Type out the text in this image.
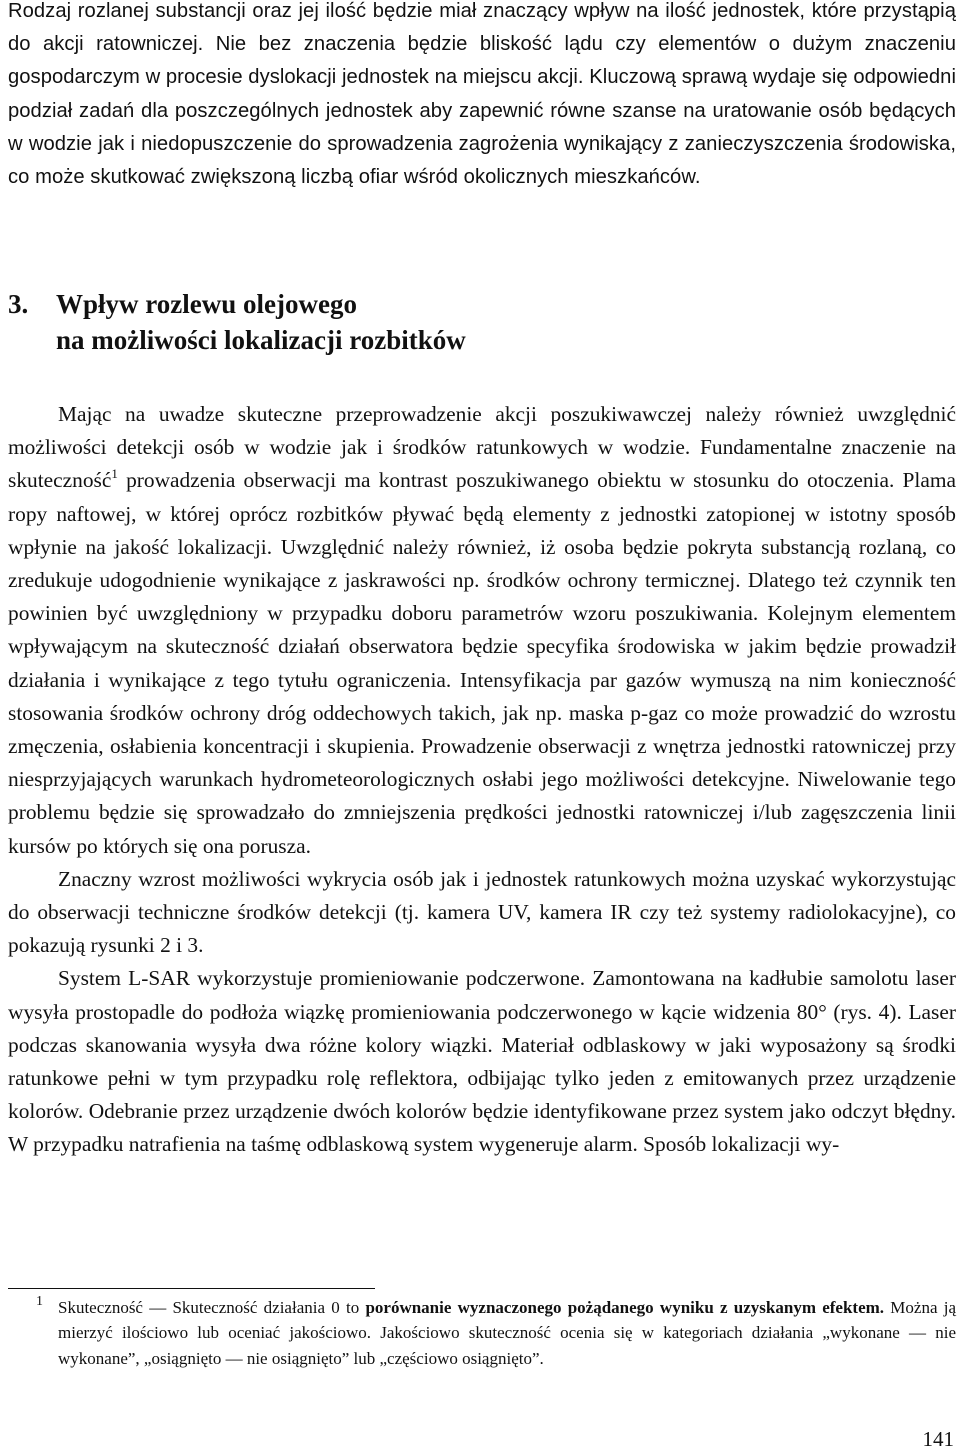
Rodzaj rozlanej substancji oraz jej ilość będzie miał znaczący wpływ na ilość jednostek, które przystąpią do akcji ratowniczej. Nie bez znaczenia będzie bliskość lądu czy elementów o dużym znaczeniu gospodarczym w procesie dyslokacji jednostek na miejscu akcji. Kluczową sprawą wydaje się odpowiedni podział zadań dla poszczególnych jednostek aby zapewnić równe szanse na uratowanie osób będących w wodzie jak i niedopuszczenie do sprowadzenia zagrożenia wynikający z zanieczyszczenia środowiska, co może skutkować zwiększoną liczbą ofiar wśród okolicznych mieszkańców.

3. Wpływ rozlewu olejowego
na możliwości lokalizacji rozbitków

Mając na uwadze skuteczne przeprowadzenie akcji poszukiwawczej należy również uwzględnić możliwości detekcji osób w wodzie jak i środków ratunkowych w wodzie. Fundamentalne znaczenie na skuteczność$^1$ prowadzenia obserwacji ma kontrast poszukiwanego obiektu w stosunku do otoczenia. Plama ropy naftowej, w której oprócz rozbitków pływać będą elementy z jednostki zatopionej w istotny sposób wpłynie na jakość lokalizacji. Uwzględnić należy również, iż osoba będzie pokryta substancją rozlaną, co zredukuje udogodnienie wynikające z jaskrawości np. środków ochrony termicznej. Dlatego też czynnik ten powinien być uwzględniony w przypadku doboru parametrów wzoru poszukiwania. Kolejnym elementem wpływającym na skuteczność działań obserwatora będzie specyfika środowiska w jakim będzie prowadził działania i wynikające z tego tytułu ograniczenia. Intensyfikacja par gazów wymuszą na nim konieczność stosowania środków ochrony dróg oddechowych takich, jak np. maska p-gaz co może prowadzić do wzrostu zmęczenia, osłabienia koncentracji i skupienia. Prowadzenie obserwacji z wnętrza jednostki ratowniczej przy niesprzyjających warunkach hydrometeorologicznych osłabi jego możliwości detekcyjne. Niwelowanie tego problemu będzie się sprowadzało do zmniejszenia prędkości jednostki ratowniczej i/lub zagęszczenia linii kursów po których się ona porusza.

Znaczny wzrost możliwości wykrycia osób jak i jednostek ratunkowych można uzyskać wykorzystując do obserwacji techniczne środków detekcji (tj. kamera UV, kamera IR czy też systemy radiolokacyjne), co pokazują rysunki 2 i 3.

System L-SAR wykorzystuje promieniowanie podczerwone. Zamontowana na kadłubie samolotu laser wysyła prostopadle do podłoża wiązkę promieniowania podczerwonego w kącie widzenia 80° (rys. 4). Laser podczas skanowania wysyła dwa różne kolory wiązki. Materiał odblaskowy w jaki wyposażony są środki ratunkowe pełni w tym przypadku rolę reflektora, odbijając tylko jeden z emitowanych przez urządzenie kolorów. Odebranie przez urządzenie dwóch kolorów będzie identyfikowane przez system jako odczyt błędny. W przypadku natrafienia na taśmę odblaskową system wygeneruje alarm. Sposób lokalizacji wy-

1 Skuteczność — Skuteczność działania 0 to porównanie wyznaczonego pożądanego wyniku z uzyskanym efektem. Można ją mierzyć ilościowo lub oceniać jakościowo. Jakościowo skuteczność ocenia się w kategoriach działania „wykonane — nie wykonane”, „osiągnięto — nie osiągnięto” lub „częściowo osiągnięto”.
141
